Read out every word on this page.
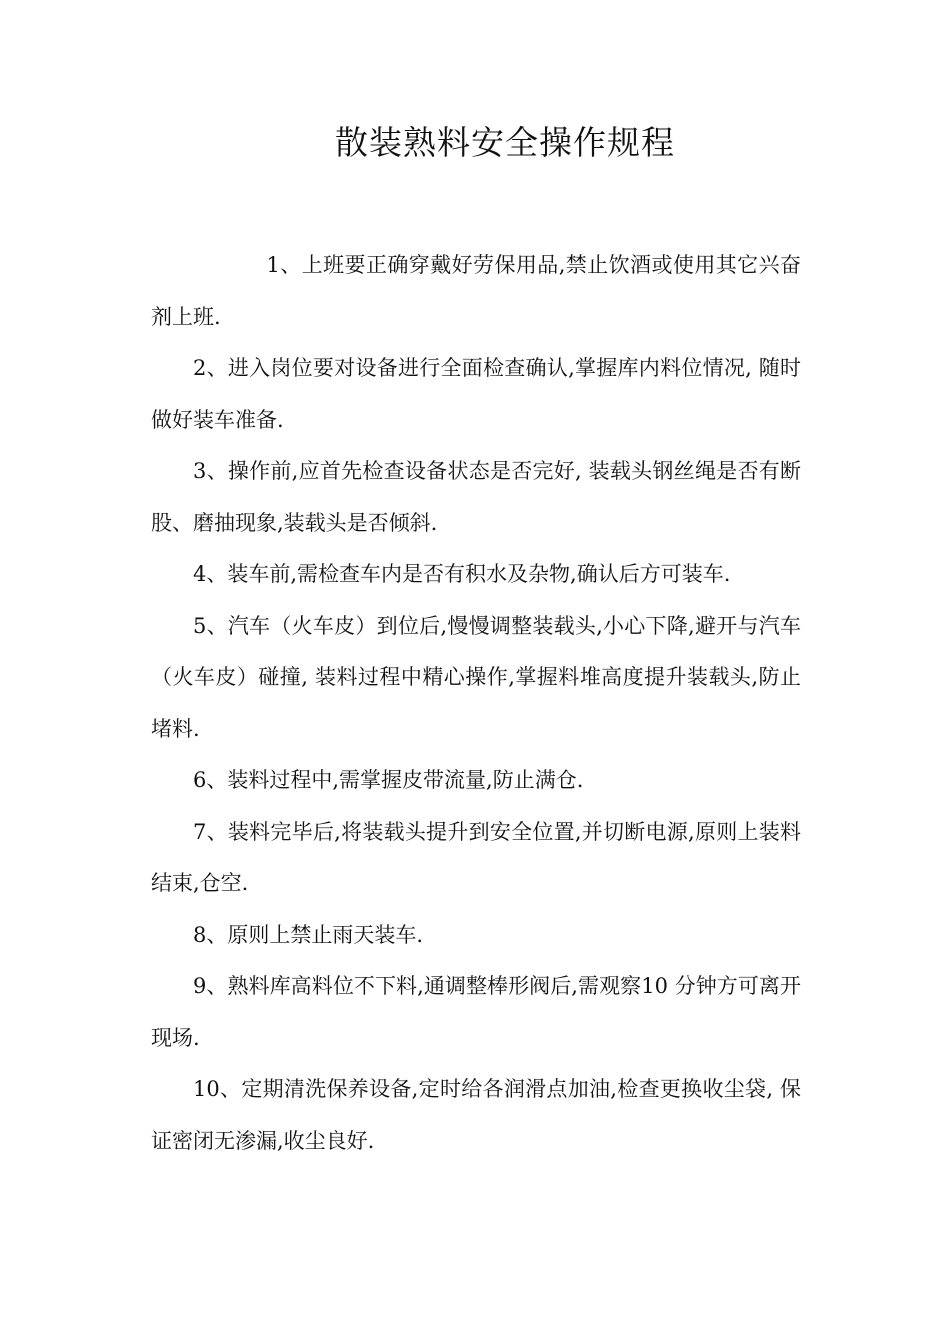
散装熟料安全操作规程

1、上班要正确穿戴好劳保用品,禁止饮酒或使用其它兴奋剂上班.

2、进入岗位要对设备进行全面检查确认,掌握库内料位情况, 随时做好装车准备.

3、操作前,应首先检查设备状态是否完好, 装载头钢丝绳是否有断股、磨抽现象,装载头是否倾斜.

4、装车前,需检查车内是否有积水及杂物,确认后方可装车.

5、汽车（火车皮）到位后,慢慢调整装载头,小心下降,避开与汽车（火车皮）碰撞, 装料过程中精心操作,掌握料堆高度提升装载头,防止堵料.

6、装料过程中,需掌握皮带流量,防止满仓.

7、装料完毕后,将装载头提升到安全位置,并切断电源,原则上装料结束,仓空.

8、原则上禁止雨天装车.

9、熟料库高料位不下料,通调整棒形阀后,需观察10 分钟方可离开现场.

10、定期清洗保养设备,定时给各润滑点加油,检查更换收尘袋, 保证密闭无渗漏,收尘良好.
